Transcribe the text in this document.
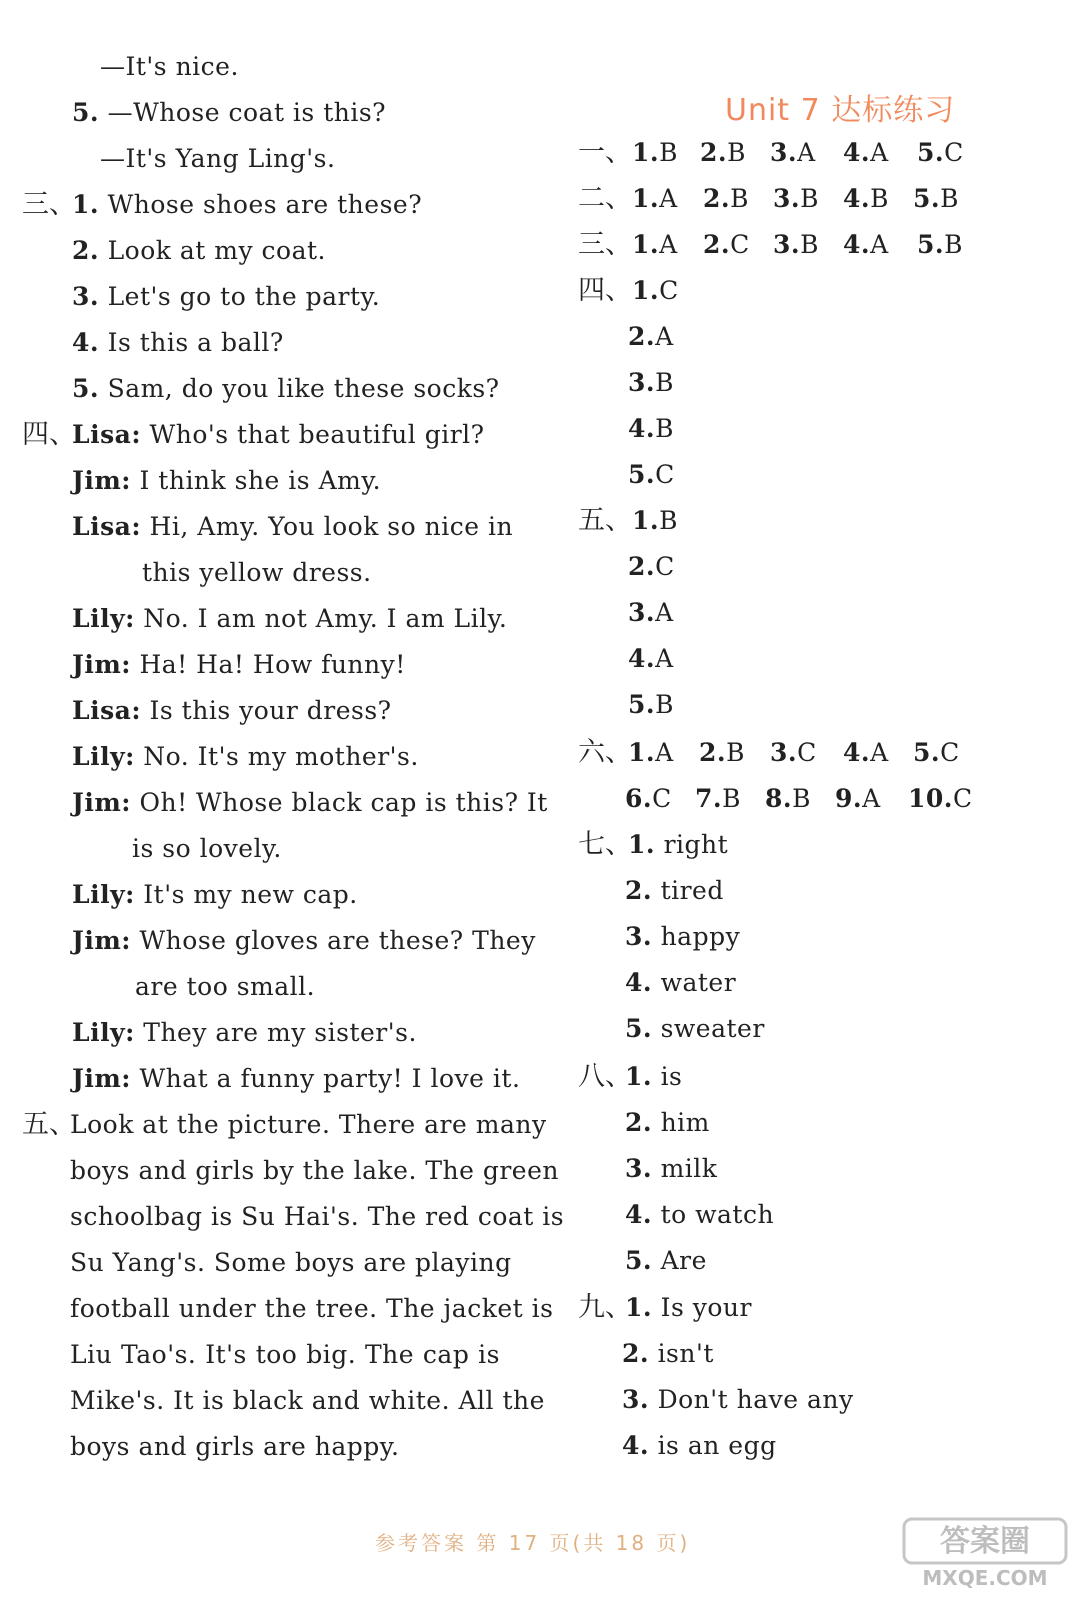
—It's nice.
5. —Whose coat is this?
—It's Yang Ling's.
三、
1. Whose shoes are these?
2. Look at my coat.
3. Let's go to the party.
4. Is this a ball?
5. Sam, do you like these socks?
四、
Lisa: Who's that beautiful girl?
Jim: I think she is Amy.
Lisa: Hi, Amy. You look so nice in
this yellow dress.
Lily: No. I am not Amy. I am Lily.
Jim: Ha! Ha! How funny!
Lisa: Is this your dress?
Lily: No. It's my mother's.
Jim: Oh! Whose black cap is this? It
is so lovely.
Lily: It's my new cap.
Jim: Whose gloves are these? They
are too small.
Lily: They are my sister's.
Jim: What a funny party! I love it.
五、
Look at the picture. There are many
boys and girls by the lake. The green
schoolbag is Su Hai's. The red coat is
Su Yang's. Some boys are playing
football under the tree. The jacket is
Liu Tao's. It's too big. The cap is
Mike's. It is black and white. All the
boys and girls are happy.
Unit 7 达标练习
一、 1.B 2.B 3.A 4.A 5.C
二、 1.A 2.B 3.B 4.B 5.B
三、 1.A 2.C 3.B 4.A 5.B
四、 1.C
2.A
3.B
4.B
5.C
五、 1.B
2.C
3.A
4.A
5.B
六、
1.A 2.B 3.C 4.A 5.C
6.C 7.B 8.B 9.A 10.C
七、
1. right
2. tired
3. happy
4. water
5. sweater
八、
1. is
2. him
3. milk
4. to watch
5. Are
九、
1. Is your
2. isn't
3. Don't have any
4. is an egg
参考答案 第 17 页(共 18 页)	答案圈
MXQE.COM
